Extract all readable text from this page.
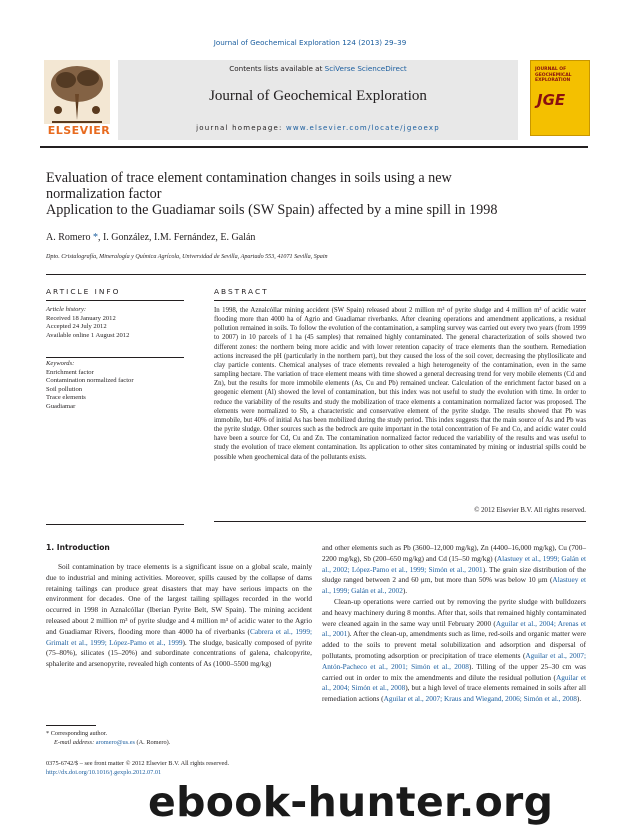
Journal of Geochemical Exploration 124 (2013) 29–39
ELSEVIER
Contents lists available at SciVerse ScienceDirect
Journal of Geochemical Exploration
journal homepage: www.elsevier.com/locate/jgeoexp
JOURNAL OF GEOCHEMICAL EXPLORATION
JGE
Evaluation of trace element contamination changes in soils using a new
normalization factor
Application to the Guadiamar soils (SW Spain) affected by a mine spill in 1998
A. Romero *, I. González, I.M. Fernández, E. Galán
Dpto. Cristalografía, Mineralogía y Química Agrícola, Universidad de Sevilla, Apartado 553, 41071 Sevilla, Spain
ARTICLE INFO	ABSTRACT
Article history:
Received 18 January 2012
Accepted 24 July 2012
Available online 1 August 2012
Keywords:
Enrichment factor
Contamination normalized factor
Soil pollution
Trace elements
Guadiamar
In 1998, the Aznalcóllar mining accident (SW Spain) released about 2 million m³ of pyrite sludge and 4 million m³ of acidic water flooding more than 4000 ha of Agrio and Guadiamar riverbanks. After cleaning operations and amendment applications, a residual pollution remained in soils. To follow the evolution of the contamination, a sampling survey was carried out every two years (from 1999 to 2007) in 10 parcels of 1 ha (45 samples) that remained highly contaminated. The general characterization of soils showed two different zones: the northern being more acidic and with lower retention capacity of trace elements than the southern. Remediation actions increased the pH (particularly in the northern part), but they caused the loss of the soil cover, decreasing the phyllosilicate and clay particle contents. Chemical analyses of trace elements revealed a high heterogeneity of the contamination, even in the same sampling hectare. The variation of trace element means with time showed a general decreasing trend for very mobile elements (Cd and Zn), but the results for more immobile elements (As, Cu and Pb) remained unclear. Calculation of the enrichment factor based on a geogenic element (Al) showed the level of contamination, but this index was not useful to study the evolution with time. In order to reduce the variability of the results and study the mobilization of trace elements a contamination normalized factor was proposed. The elements were normalized to Sb, a characteristic and conservative element of the pyrite sludge. The results showed that Pb was immobile, but 40% of initial As has been mobilized during the study period. This index suggests that the main source of As and Pb was the pyrite sludge. Other sources such as the bedrock are quite important in the total concentration of Fe and Co, and acidic water could have been a source for Cd, Cu and Zn. The contamination normalized factor reduced the variability of the results and was useful to study the evolution of trace element contamination. Its application to other sites contaminated by mining or industrial spills could be possible when geochemical data of the pollutants exists.
© 2012 Elsevier B.V. All rights reserved.
1. Introduction

Soil contamination by trace elements is a significant issue on a global scale, mainly due to industrial and mining activities. Moreover, spills caused by the collapse of dams retaining tailings can produce great disasters that may have serious impacts on the environment for decades. One of the largest tailing spillages recorded in the world occurred in 1998 in Aznalcóllar (Iberian Pyrite Belt, SW Spain). The mining accident released about 2 million m³ of pyrite sludge and 4 million m³ of acidic water to the Agrio and Guadiamar Rivers, flooding more than 4000 ha of riverbanks (Cabrera et al., 1999; Grimalt et al., 1999; López-Pamo et al., 1999). The sludge, basically composed of pyrite (75–80%), silicates (15–20%) and subordinate concentrations of galena, chalcopyrite, sphalerite and arsenopyrite, revealed high contents of As (1000–5500 mg/kg)

and other elements such as Pb (3600–12,000 mg/kg), Zn (4400–16,000 mg/kg), Cu (700–2200 mg/kg), Sb (200–650 mg/kg) and Cd (15–50 mg/kg) (Alastuey et al., 1999; Galán et al., 2002; López-Pamo et al., 1999; Simón et al., 2001). The grain size distribution of the sludge ranged between 2 and 60 μm, but more than 50% was below 10 μm (Alastuey et al., 1999; Galán et al., 2002).

Clean-up operations were carried out by removing the pyrite sludge with bulldozers and heavy machinery during 8 months. After that, soils that remained highly contaminated were cleaned again in the same way until February 2000 (Aguilar et al., 2004; Arenas et al., 2001). After the clean-up, amendments such as lime, red-soils and organic matter were added to the soils to prevent metal solubilization and adsorption and dispersal of pollutants, promoting adsorption or precipitation of trace elements (Aguilar et al., 2007; Antón-Pacheco et al., 2001; Simón et al., 2008). Tilling of the upper 25–30 cm was carried out in order to mix the amendments and dilute the residual pollution (Aguilar et al., 2004; Simón et al., 2008), but a high level of trace elements remained in soils after all remediation actions (Aguilar et al., 2007; Kraus and Wiegand, 2006; Simón et al., 2008).

* Corresponding author.
E-mail address: aromero@us.es (A. Romero).
0375-6742/$ – see front matter © 2012 Elsevier B.V. All rights reserved.
http://dx.doi.org/10.1016/j.gexplo.2012.07.01
ebook-hunter.org
